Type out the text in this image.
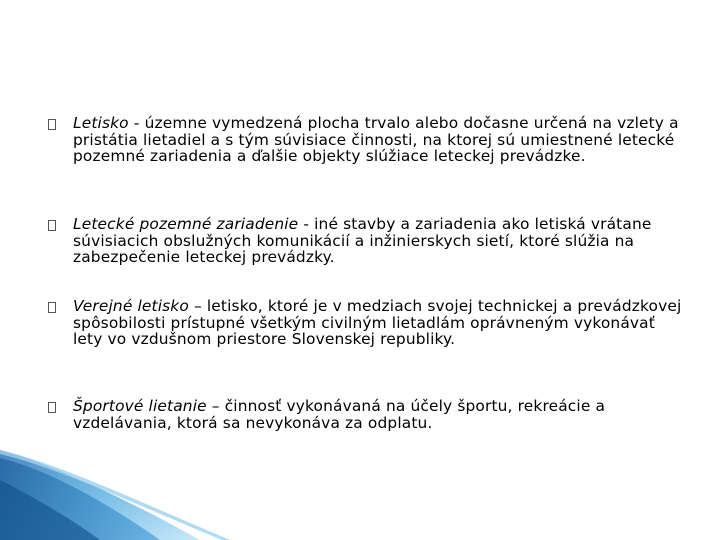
Letisko - územne vymedzená plocha trvalo alebo dočasne určená na vzlety a pristátia lietadiel a s tým súvisiace činnosti, na ktorej sú umiestnené letecké pozemné zariadenia a ďalšie objekty slúžiace leteckej prevádzke.
Letecké pozemné zariadenie - iné stavby a zariadenia ako letiská vrátane súvisiacich obslužných komunikácií a inžinierskych sietí, ktoré slúžia na zabezpečenie leteckej prevádzky.
Verejné letisko – letisko, ktoré je v medziach svojej technickej a prevádzkovej spôsobilosti prístupné všetkým civilným lietadlám oprávneným vykonávať lety vo vzdušnom priestore Slovenskej republiky.
Športové lietanie – činnosť vykonávaná na účely športu, rekreácie a vzdelávania, ktorá sa nevykonáva za odplatu.
